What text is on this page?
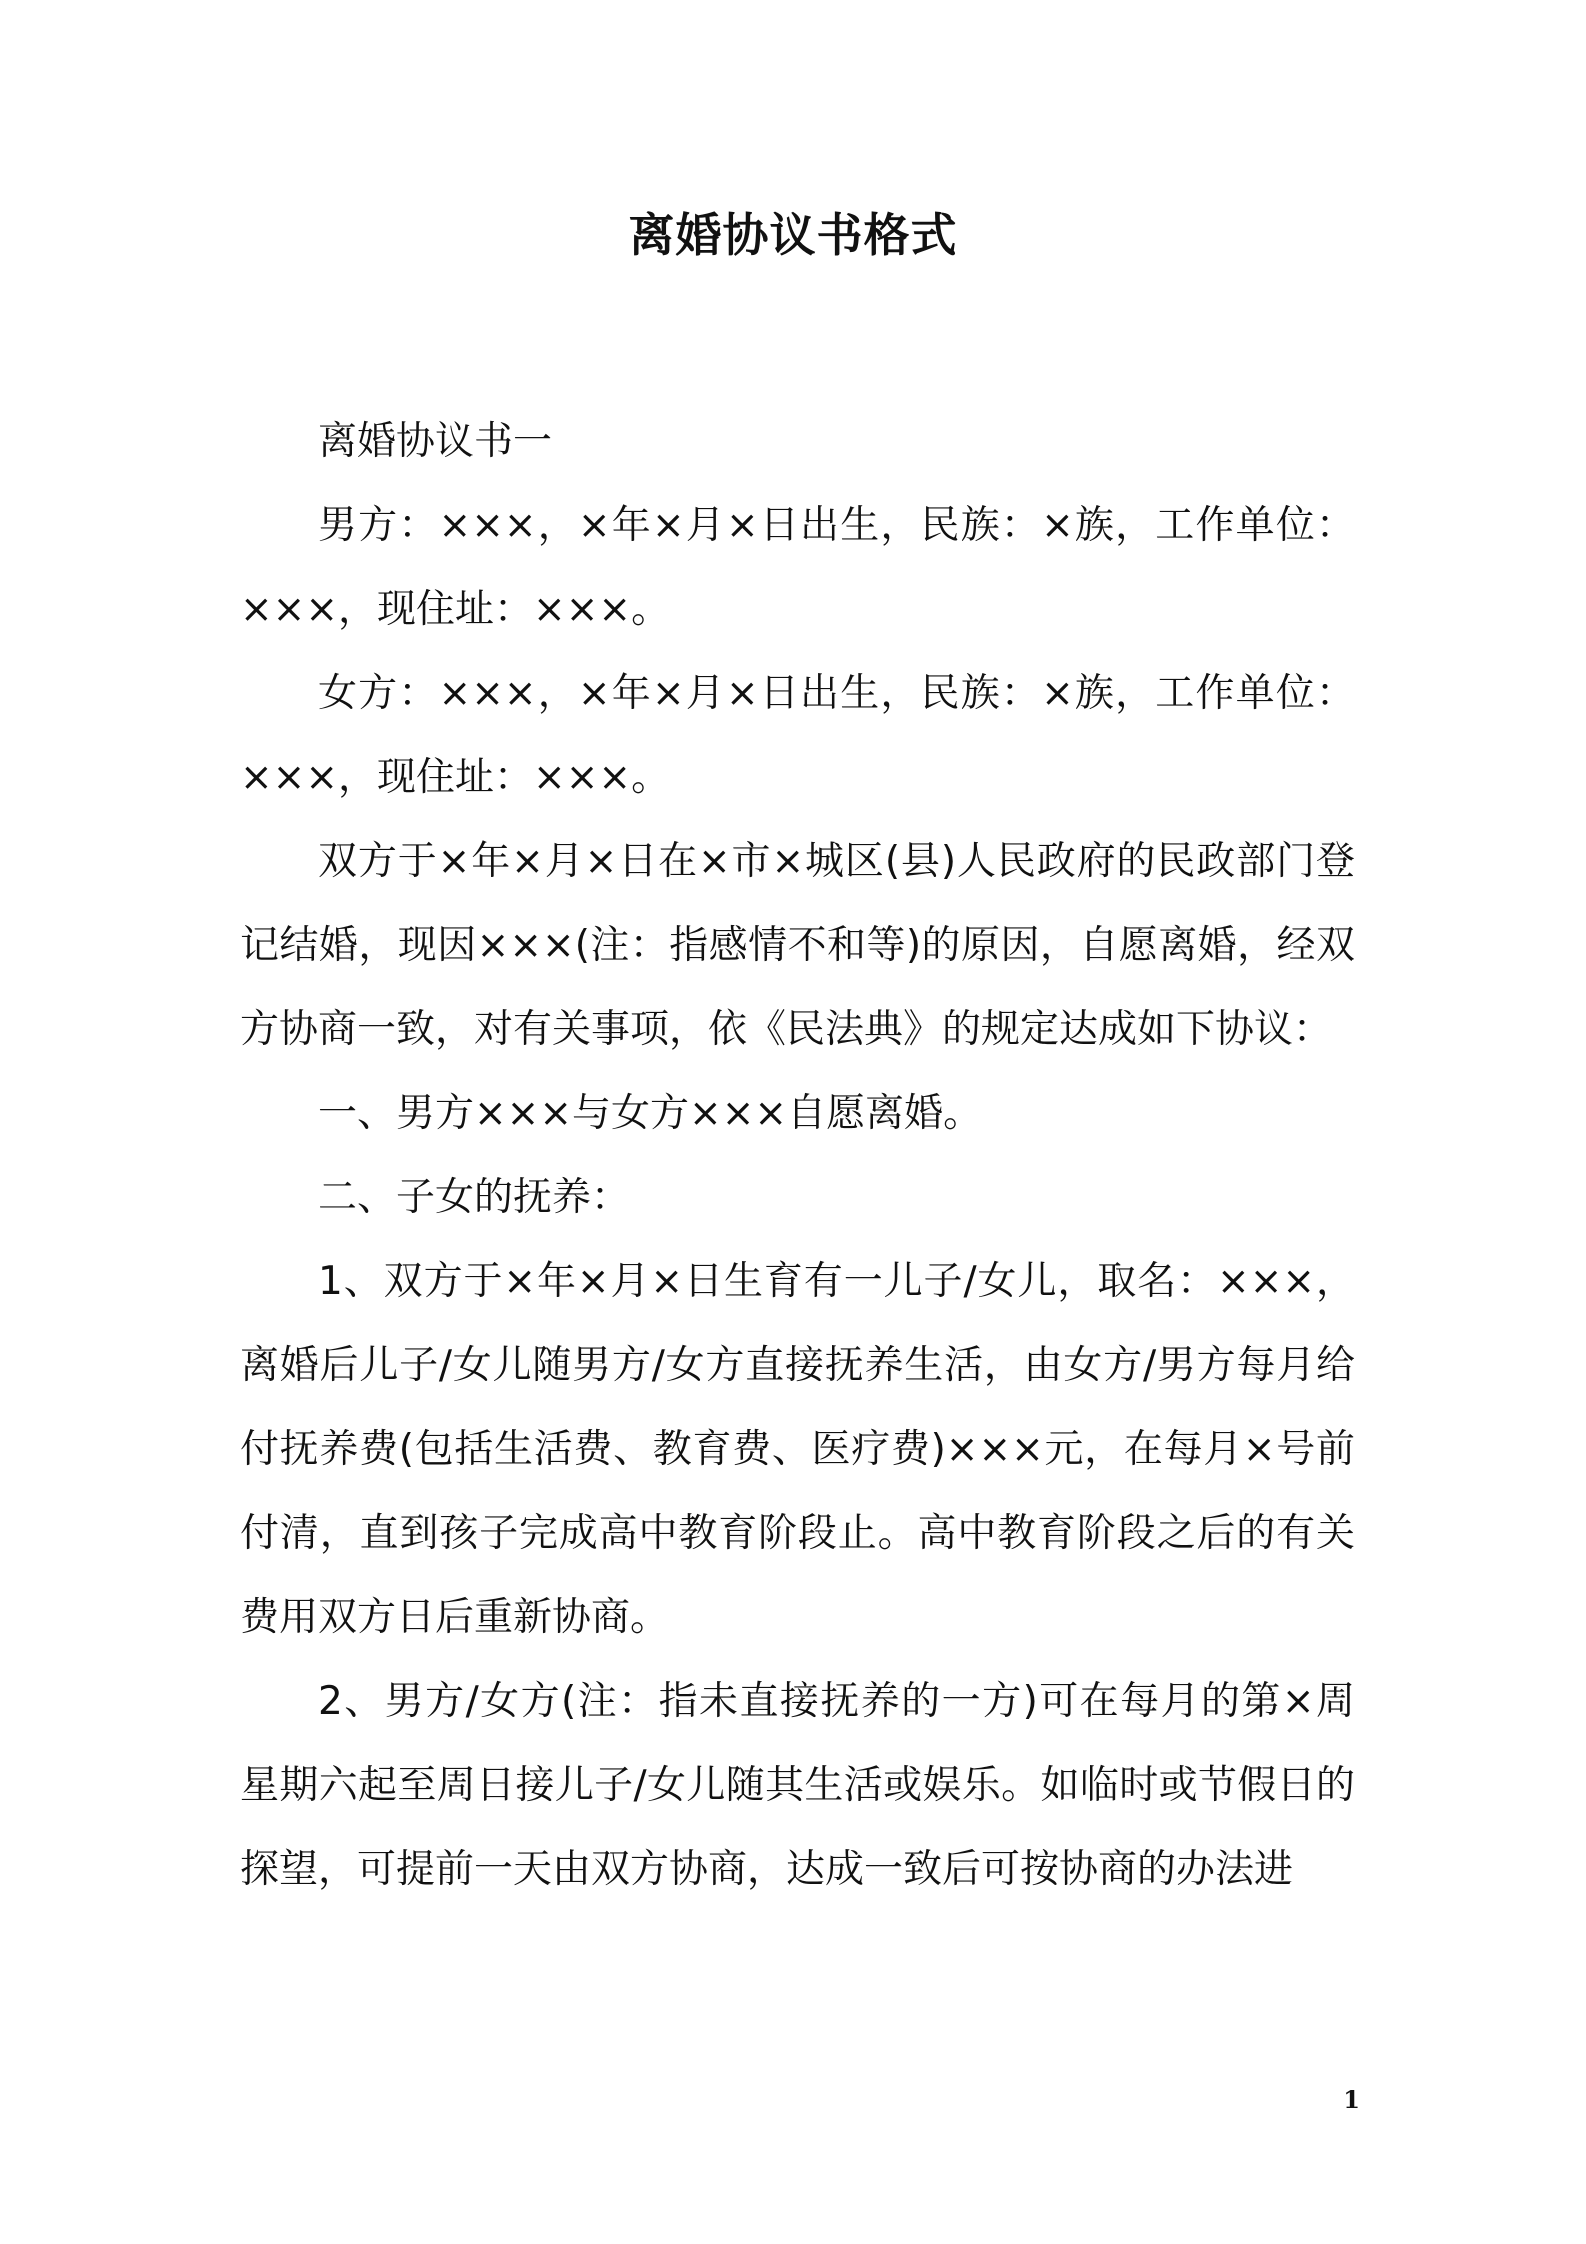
离婚协议书格式

离婚协议书一

男方：×××，×年×月×日出生，民族：×族，工作单位：×××，现住址：×××。

女方：×××，×年×月×日出生，民族：×族，工作单位：×××，现住址：×××。

双方于×年×月×日在×市×城区(县)人民政府的民政部门登记结婚，现因×××(注：指感情不和等)的原因，自愿离婚，经双方协商一致，对有关事项，依《民法典》的规定达成如下协议：

一、男方×××与女方×××自愿离婚。

二、子女的抚养：

1、双方于×年×月×日生育有一儿子/女儿，取名：×××，离婚后儿子/女儿随男方/女方直接抚养生活，由女方/男方每月给付抚养费(包括生活费、教育费、医疗费)×××元，在每月×号前付清，直到孩子完成高中教育阶段止。高中教育阶段之后的有关费用双方日后重新协商。

2、男方/女方(注：指未直接抚养的一方)可在每月的第×周星期六起至周日接儿子/女儿随其生活或娱乐。如临时或节假日的探望，可提前一天由双方协商，达成一致后可按协商的办法进

1
